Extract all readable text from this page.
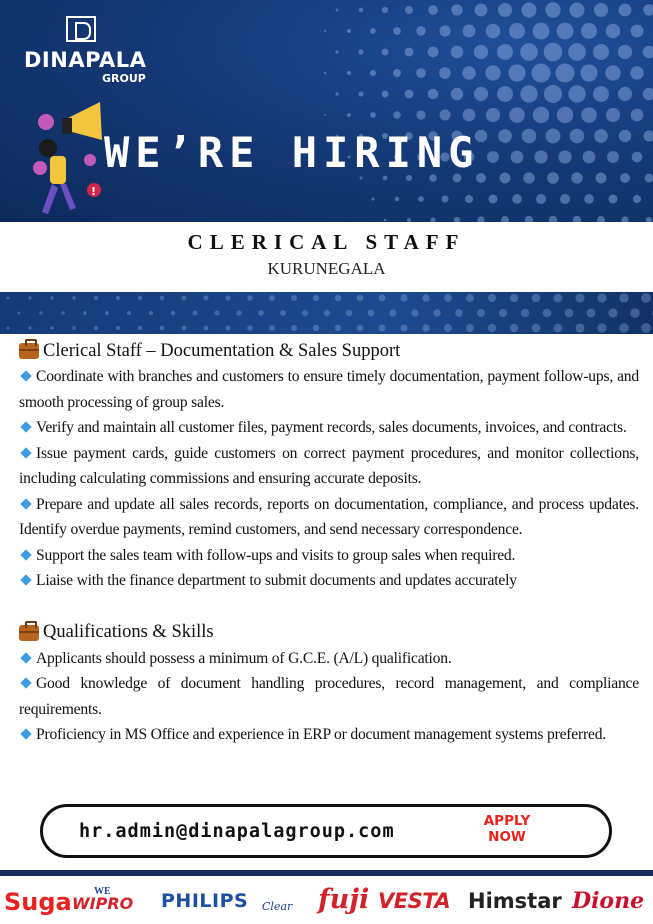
DINAPALA
GROUP
!
WE’RE HIRING
CLERICAL STAFF
KURUNEGALA
Clerical Staff – Documentation & Sales Support
Coordinate with branches and customers to ensure timely documentation, payment follow-ups, and smooth processing of group sales.
Verify and maintain all customer files, payment records, sales documents, invoices, and contracts.
Issue payment cards, guide customers on correct payment procedures, and monitor collections, including calculating commissions and ensuring accurate deposits.
Prepare and update all sales records, reports on documentation, compliance, and process updates. Identify overdue payments, remind customers, and send necessary correspondence.
Support the sales team with follow-ups and visits to group sales when required.
Liaise with the finance department to submit documents and updates accurately
Qualifications & Skills
Applicants should possess a minimum of G.C.E. (A/L) qualification.
Good knowledge of document handling procedures, record management, and compliance requirements.
Proficiency in MS Office and experience in ERP or document management systems preferred.
hr.admin@dinapalagroup.com	APPLY
NOW
Suga WE
WIPRO PHILIPS Clear fuji VESTA Himstar Dione
